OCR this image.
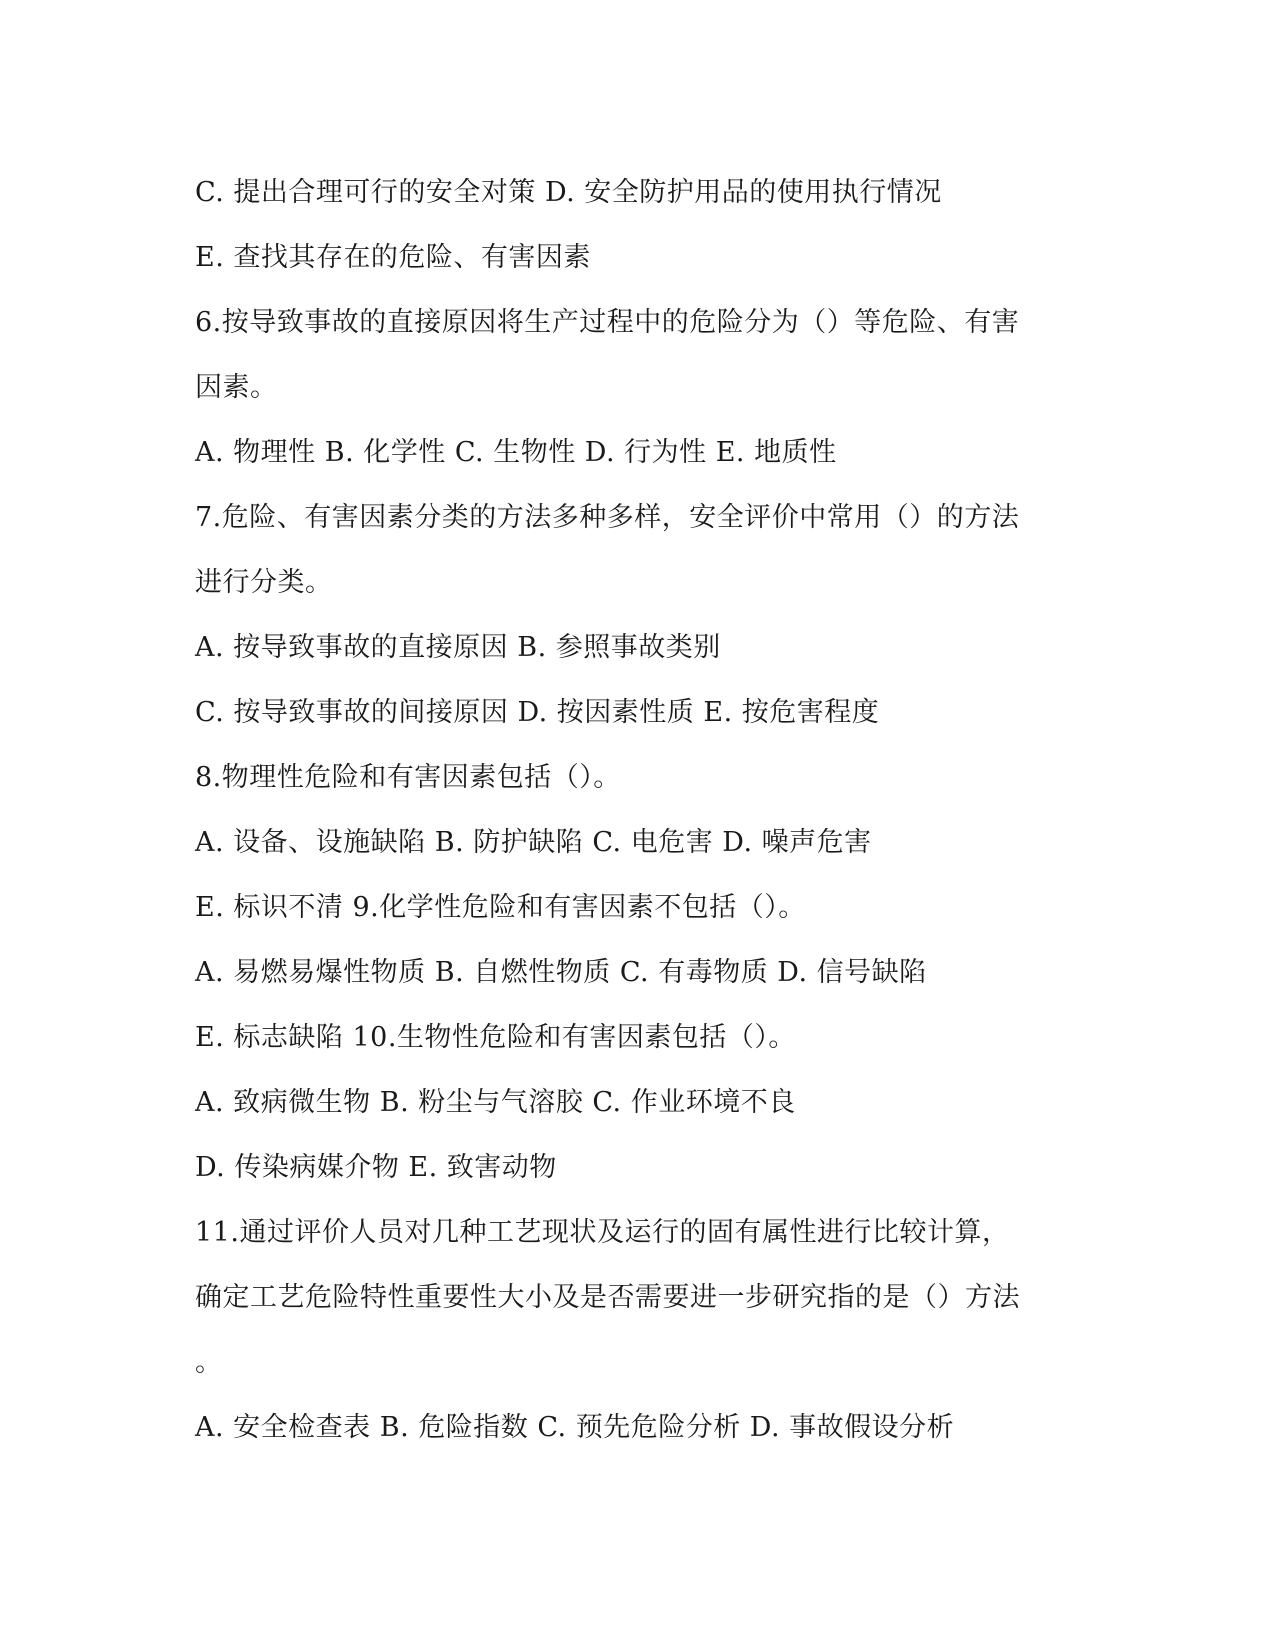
C. 提出合理可行的安全对策 D. 安全防护用品的使用执行情况
E. 查找其存在的危险、有害因素
6.按导致事故的直接原因将生产过程中的危险分为（）等危险、有害
因素。
A. 物理性 B. 化学性 C. 生物性 D. 行为性 E. 地质性
7.危险、有害因素分类的方法多种多样，安全评价中常用（）的方法
进行分类。
A. 按导致事故的直接原因 B. 参照事故类别
C. 按导致事故的间接原因 D. 按因素性质 E. 按危害程度
8.物理性危险和有害因素包括（）。
A. 设备、设施缺陷 B. 防护缺陷 C. 电危害 D. 噪声危害
E. 标识不清 9.化学性危险和有害因素不包括（）。
A. 易燃易爆性物质 B. 自燃性物质 C. 有毒物质 D. 信号缺陷
E. 标志缺陷 10.生物性危险和有害因素包括（）。
A. 致病微生物 B. 粉尘与气溶胶 C. 作业环境不良
D. 传染病媒介物 E. 致害动物
11.通过评价人员对几种工艺现状及运行的固有属性进行比较计算，
确定工艺危险特性重要性大小及是否需要进一步研究指的是（）方法
。
A. 安全检查表 B. 危险指数 C. 预先危险分析 D. 事故假设分析
